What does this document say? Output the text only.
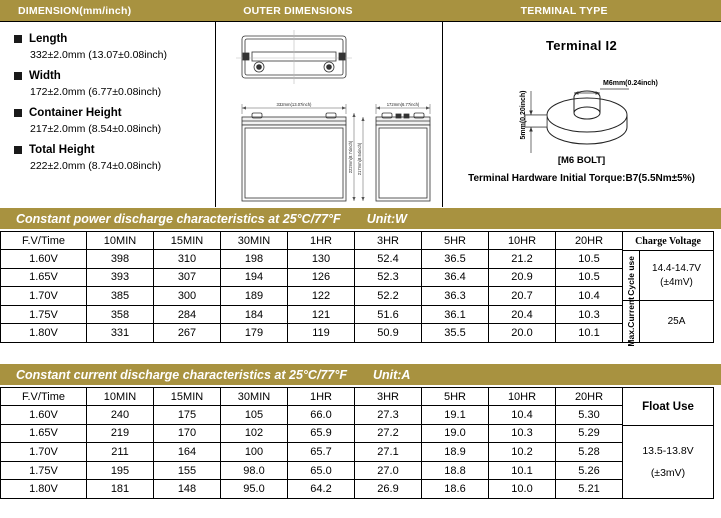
DIMENSION(mm/inch)	OUTER DIMENSIONS	TERMINAL TYPE
Length
332±2.0mm (13.07±0.08inch)
Width
172±2.0mm (6.77±0.08inch)
Container Height
217±2.0mm (8.54±0.08inch)
Total Height
222±2.0mm (8.74±0.08inch)
332mm(13.07inch)	172mm(6.77inch)
222mm(8.74inch) 217mm(8.54inch)
Terminal I2
5mm(0.20inch)
M6mm(0.24inch)
[M6 BOLT]
Terminal Hardware Initial Torque:B7(5.5Nm±5%)
Constant power discharge characteristics at 25°C/77°F Unit:W
F.V/Time	10MIN	15MIN	30MIN	1HR	3HR	5HR	10HR	20HR
1.60V	398	310	198	130	52.4	36.5	21.2	10.5
1.65V	393	307	194	126	52.3	36.4	20.9	10.5
1.70V	385	300	189	122	52.2	36.3	20.7	10.4
1.75V	358	284	184	121	51.6	36.1	20.4	10.3
1.80V	331	267	179	119	50.9	35.5	20.0	10.1
Charge Voltage
Cycle use 14.4-14.7V
(±4mV)
Max.Current	25A
Constant current discharge characteristics at 25°C/77°F Unit:A
F.V/Time	10MIN	15MIN	30MIN	1HR	3HR	5HR	10HR	20HR
1.60V	240	175	105	66.0	27.3	19.1	10.4	5.30
1.65V	219	170	102	65.9	27.2	19.0	10.3	5.29
1.70V	211	164	100	65.7	27.1	18.9	10.2	5.28
1.75V	195	155	98.0	65.0	27.0	18.8	10.1	5.26
1.80V	181	148	95.0	64.2	26.9	18.6	10.0	5.21
Float Use
13.5-13.8V
(±3mV)
